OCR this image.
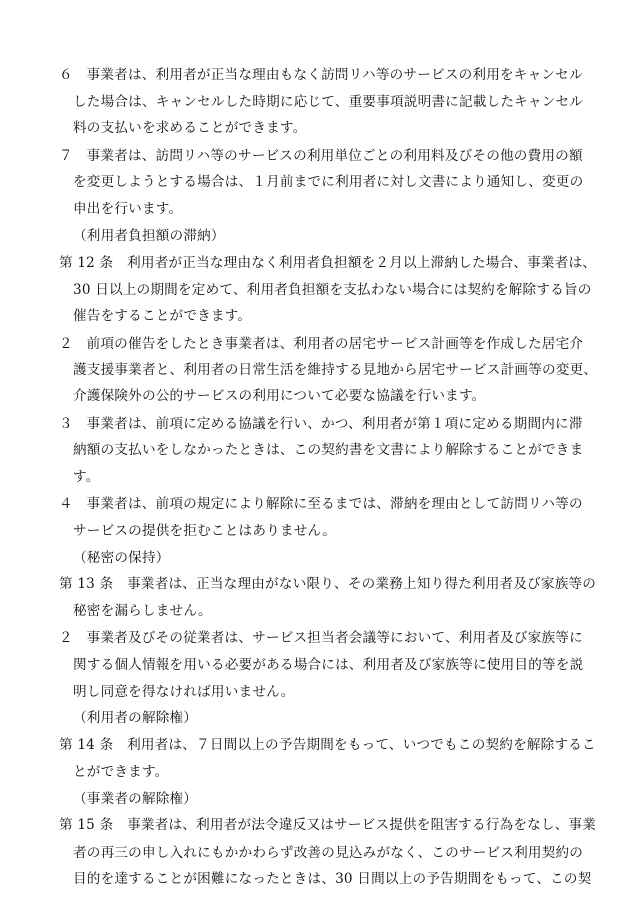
６　事業者は、利用者が正当な理由もなく訪問リハ等のサービスの利用をキャンセル
した場合は、キャンセルした時期に応じて、重要事項説明書に記載したキャンセル
料の支払いを求めることができます。
７　事業者は、訪問リハ等のサービスの利用単位ごとの利用料及びその他の費用の額
を変更しようとする場合は、１月前までに利用者に対し文書により通知し、変更の
申出を行います。
（利用者負担額の滞納）
第 12 条　利用者が正当な理由なく利用者負担額を２月以上滞納した場合、事業者は、
30 日以上の期間を定めて、利用者負担額を支払わない場合には契約を解除する旨の
催告をすることができます。
２　前項の催告をしたとき事業者は、利用者の居宅サービス計画等を作成した居宅介
護支援事業者と、利用者の日常生活を維持する見地から居宅サービス計画等の変更、
介護保険外の公的サービスの利用について必要な協議を行います。
３　事業者は、前項に定める協議を行い、かつ、利用者が第１項に定める期間内に滞
納額の支払いをしなかったときは、この契約書を文書により解除することができま
す。
４　事業者は、前項の規定により解除に至るまでは、滞納を理由として訪問リハ等の
サービスの提供を拒むことはありません。
（秘密の保持）
第 13 条　事業者は、正当な理由がない限り、その業務上知り得た利用者及び家族等の
秘密を漏らしません。
２　事業者及びその従業者は、サービス担当者会議等において、利用者及び家族等に
関する個人情報を用いる必要がある場合には、利用者及び家族等に使用目的等を説
明し同意を得なければ用いません。
（利用者の解除権）
第 14 条　利用者は、７日間以上の予告期間をもって、いつでもこの契約を解除するこ
とができます。
（事業者の解除権）
第 15 条　事業者は、利用者が法令違反又はサービス提供を阻害する行為をなし、事業
者の再三の申し入れにもかかわらず改善の見込みがなく、このサービス利用契約の
目的を達することが困難になったときは、30 日間以上の予告期間をもって、この契
